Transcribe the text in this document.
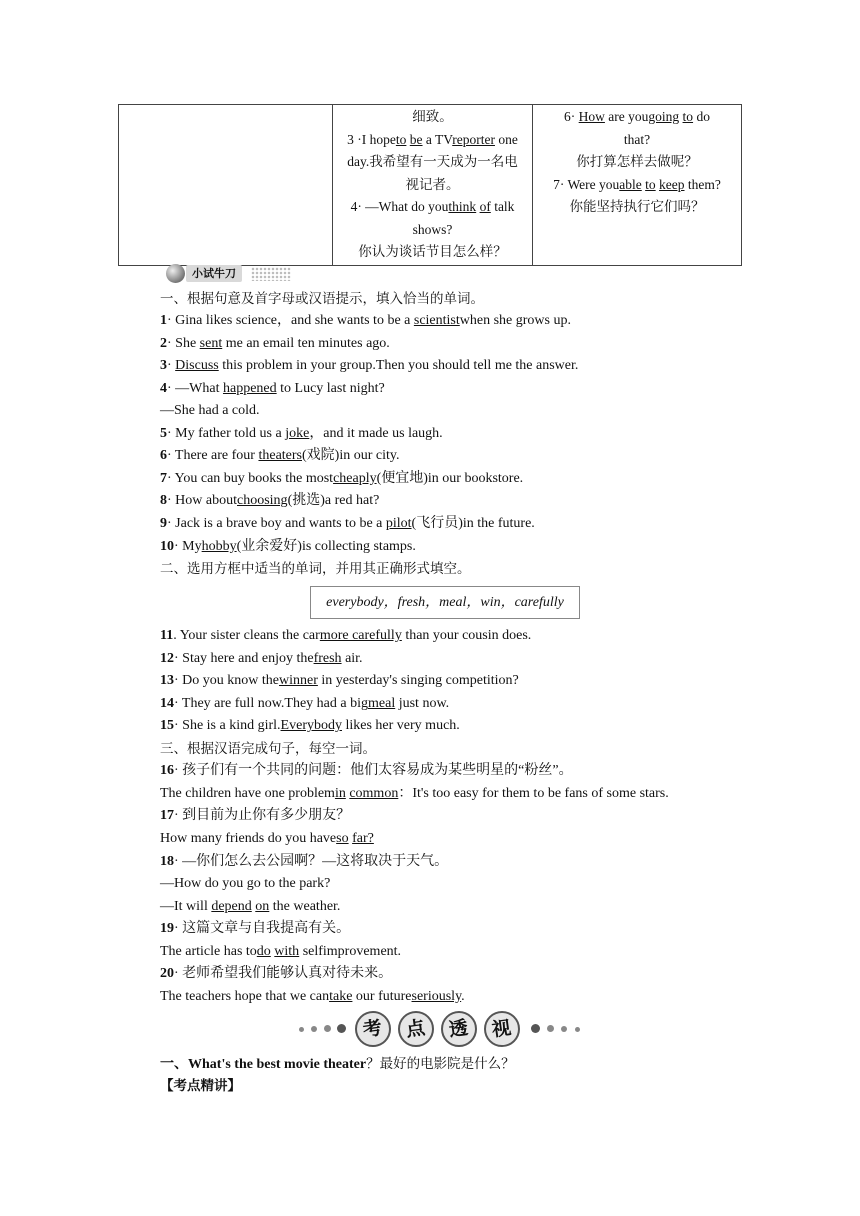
细致。
3 ·I hopeto be a TVreporter one
day.我希望有一天成为一名电
视记者。
4· —What do youthink of talk
shows?
你认为谈话节目怎么样？

6· How are yougoing to do
that?
你打算怎样去做呢？
7· Were youable to keep them?
你能坚持执行它们吗？
小试牛刀
一、根据句意及首字母或汉语提示，填入恰当的单词。
1· Gina likes science，and she wants to be a scientistwhen she grows up.
2· She sent me an email ten minutes ago.
3· Discuss this problem in your group.Then you should tell me the answer.
4· —What happened to Lucy last night?
—She had a cold.
5· My father told us a joke，and it made us laugh.
6· There are four theaters(戏院)in our city.
7· You can buy books the mostcheaply(便宜地)in our bookstore.
8· How aboutchoosing(挑选)a red hat?
9· Jack is a brave boy and wants to be a pilot(飞行员)in the future.
10· Myhobby(业余爱好)is collecting stamps.
二、选用方框中适当的单词，并用其正确形式填空。
11. Your sister cleans the carmore carefully than your cousin does.
12· Stay here and enjoy thefresh air.
13· Do you know thewinner in yesterday's singing competition?
14· They are full now.They had a bigmeal just now.
15· She is a kind girl.Everybody likes her very much.
三、根据汉语完成句子，每空一词。
16· 孩子们有一个共同的问题：他们太容易成为某些明星的“粉丝”。
The children have one problemin common：It's too easy for them to be fans of some stars.
17· 到目前为止你有多少朋友？
How many friends do you haveso far?
18· —你们怎么去公园啊？—这将取决于天气。
—How do you go to the park?
—It will depend on the weather.
19· 这篇文章与自我提高有关。
The article has todo with selfimprovement.
20· 老师希望我们能够认真对待未来。
The teachers hope that we cantake our futureseriously.
everybody，fresh，meal，win，carefully
考	点	透	视
一、What's the best movie theater？最好的电影院是什么？
【考点精讲】
